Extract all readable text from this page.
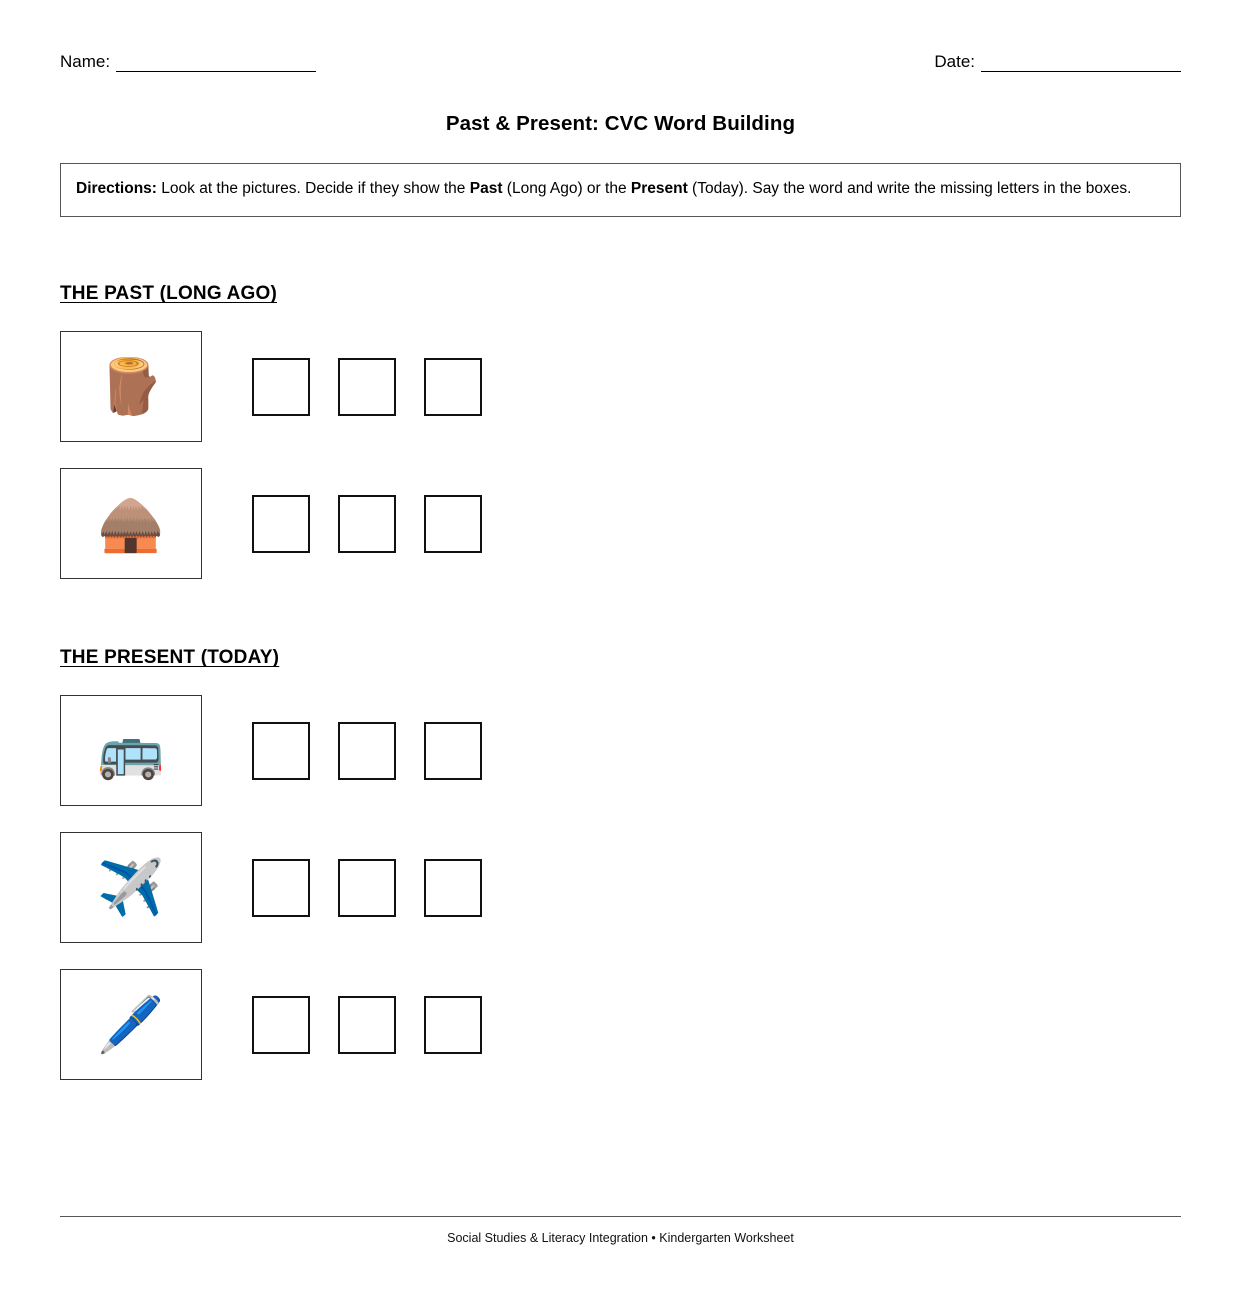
Name:	Date:
Past & Present: CVC Word Building
Directions: Look at the pictures. Decide if they show the Past (Long Ago) or the Present (Today). Say the word and write the missing letters in the boxes.
THE PAST (LONG AGO)
🪵
🛖
THE PRESENT (TODAY)
🚌
✈️
🖊️
Social Studies & Literacy Integration • Kindergarten Worksheet
